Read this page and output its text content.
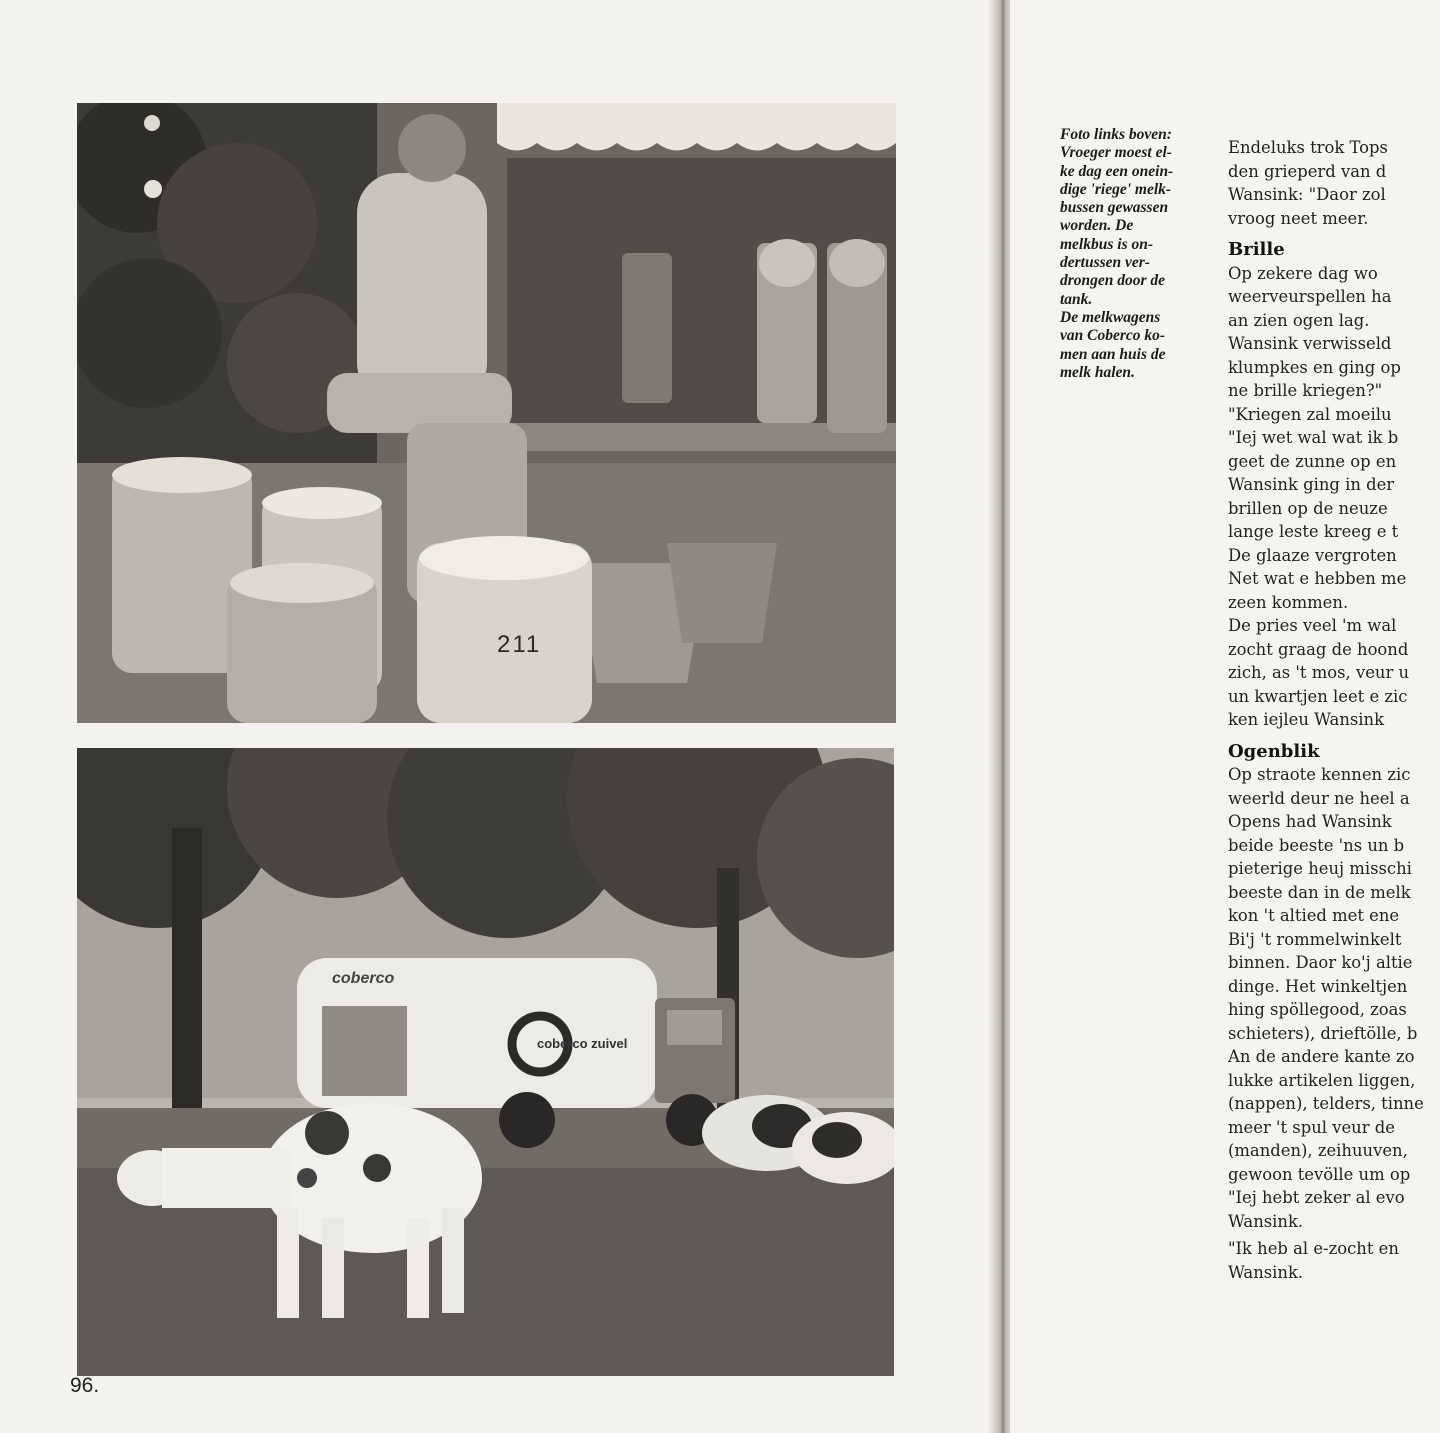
211
coberco
coberco zuivel
96.
Foto links boven:
Vroeger moest el-
ke dag een onein-
dige 'riege' melk-
bussen gewassen
worden. De
melkbus is on-
dertussen ver-
drongen door de
tank.
De melkwagens
van Coberco ko-
men aan huis de
melk halen.
Endeluks trok Tops
den grieperd van d
Wansink: "Daor zol
vroog neet meer.
Brille
Op zekere dag wo
weerveurspellen ha
an zien ogen lag.
Wansink verwisseld
klumpkes en ging op
ne brille kriegen?"
"Kriegen zal moeilu
"Iej wet wal wat ik b
geet de zunne op en
Wansink ging in der
brillen op de neuze
lange leste kreeg e t
De glaaze vergroten
Net wat e hebben me
zeen kommen.
De pries veel 'm wal
zocht graag de hoond
zich, as 't mos, veur u
un kwartjen leet e zic
ken iejleu Wansink
Ogenblik
Op straote kennen zic
weerld deur ne heel a
Opens had Wansink
beide beeste 'ns un b
pieterige heuj misschi
beeste dan in de melk
kon 't altied met ene
Bi'j 't rommelwinkelt
binnen. Daor ko'j altie
dinge. Het winkeltjen
hing spöllegood, zoas
schieters), drieftölle, b
An de andere kante zo
lukke artikelen liggen,
(nappen), telders, tinne
meer 't spul veur de
(manden), zeihuuven,
gewoon tevölle um op
"Iej hebt zeker al evo
Wansink.
"Ik heb al e-zocht en
Wansink.
